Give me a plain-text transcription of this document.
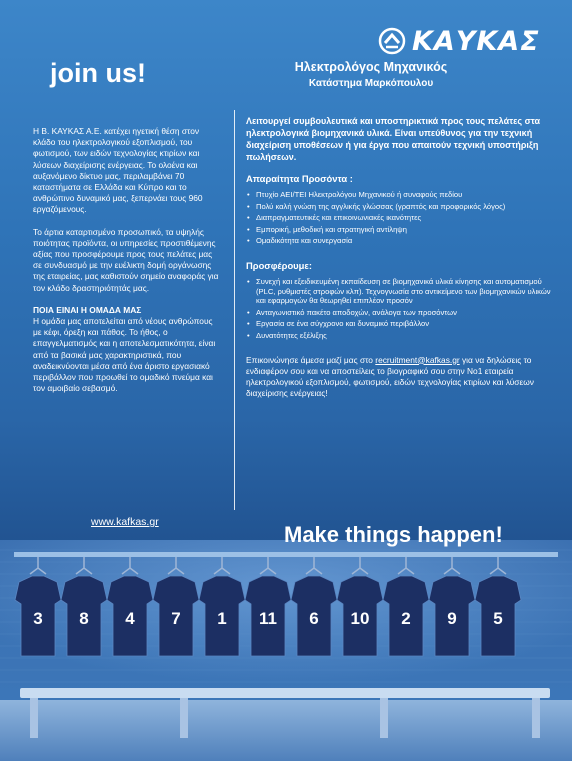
ΚΑΥΚΑΣ
join us!	Ηλεκτρολόγος Μηχανικός
Κατάστημα Μαρκόπουλου

Η Β. ΚΑΥΚΑΣ Α.Ε. κατέχει ηγετική θέση στον κλάδο του ηλεκτρολογικού εξοπλισμού, του φωτισμού, των ειδών τεχνολογίας κτιρίων και λύσεων διαχείρισης ενέργειας. Το ολοένα και αυξανόμενο δίκτυο μας, περιλαμβάνει 70 καταστήματα σε Ελλάδα και Κύπρο και το ανθρώπινο δυναμικό μας, ξεπερνάει τους 960 εργαζόμενους.

Το άρτια καταρτισμένο προσωπικό, τα υψηλής ποιότητας προϊόντα, οι υπηρεσίες προστιθέμενης αξίας που προσφέρουμε προς τους πελάτες μας σε συνδυασμό με την ευέλικτη δομή οργάνωσης της εταιρείας, μας καθιστούν σημείο αναφοράς για τον κλάδο δραστηριότητάς μας.

ΠΟΙΑ ΕΙΝΑΙ Η ΟΜΑΔΑ ΜΑΣ

Η ομάδα μας αποτελείται από νέους ανθρώπους με κέφι, όρεξη και πάθος. Το ήθος, ο επαγγελματισμός και η αποτελεσματικότητα, είναι από τα βασικά μας χαρακτηριστικά, που αναδεικνύονται μέσα από ένα άριστο εργασιακό περιβάλλον που προωθεί το ομαδικό πνεύμα και τον αμοιβαίο σεβασμό.

Λειτουργεί συμβουλευτικά και υποστηρικτικά προς τους πελάτες στα ηλεκτρολογικά βιομηχανικά υλικά. Είναι υπεύθυνος για την τεχνική διαχείριση υποθέσεων ή για έργα που απαιτούν τεχνική υποστήριξη πωλήσεων.

Απαραίτητα Προσόντα :

• Πτυχίο ΑΕΙ/ΤΕΙ Ηλεκτρολόγου Μηχανικού ή συναφούς πεδίου
• Πολύ καλή γνώση της αγγλικής γλώσσας (γραπτός και προφορικός λόγος)
• Διαπραγματευτικές και επικοινωνιακές ικανότητες
• Εμπορική, μεθοδική και στρατηγική αντίληψη
• Ομαδικότητα και συνεργασία

Προσφέρουμε:

• Συνεχή και εξειδικευμένη εκπαίδευση σε βιομηχανικά υλικά κίνησης και αυτοματισμού (PLC, ρυθμιστές στροφών κλπ). Τεχνογνωσία στο αντικείμενο των βιομηχανικών υλικών και εφαρμογών θα θεωρηθεί επιπλέον προσόν
• Ανταγωνιστικό πακέτο αποδοχών, ανάλογα των προσόντων
• Εργασία σε ένα σύγχρονο και δυναμικό περιβάλλον
• Δυνατότητες εξέλιξης

Επικοινώνησε άμεσα μαζί μας στο recruitment@kafkas.gr για να δηλώσεις το ενδιαφέρον σου και να αποστείλεις το βιογραφικό σου στην Νο1 εταιρεία ηλεκτρολογικού εξοπλισμού, φωτισμού, ειδών τεχνολογίας κτιρίων και λύσεων διαχείρισης ενέργειας!

www.kafkas.gr
3 8 4 7 1 11 6 10 2 9 5
Make things happen!
